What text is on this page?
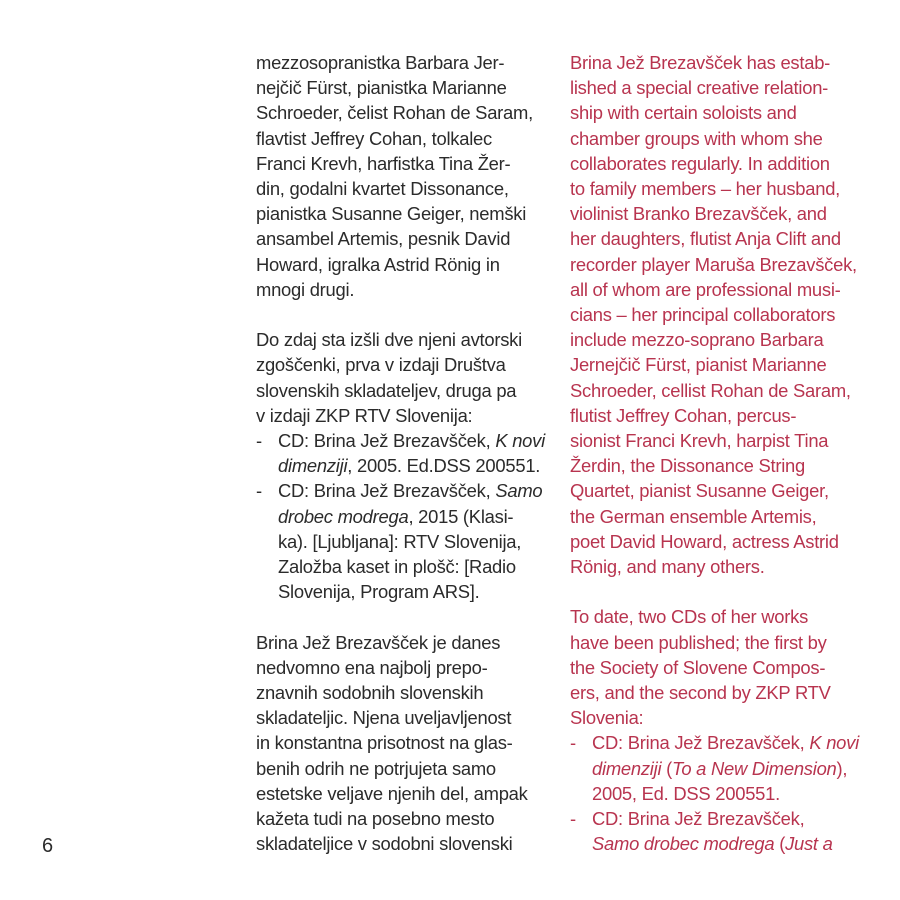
mezzosopranistka Barbara Jer-
nejčič Fürst, pianistka Marianne
Schroeder, čelist Rohan de Saram,
flavtist Jeffrey Cohan, tolkalec
Franci Krevh, harfistka Tina Žer-
din, godalni kvartet Dissonance,
pianistka Susanne Geiger, nemški
ansambel Artemis, pesnik David
Howard, igralka Astrid Rönig in
mnogi drugi.
Do zdaj sta izšli dve njeni avtorski
zgoščenki, prva v izdaji Društva
slovenskih skladateljev, druga pa
v izdaji ZKP RTV Slovenija:
- CD: Brina Jež Brezavšček, K novi
dimenziji, 2005. Ed.DSS 200551.
- CD: Brina Jež Brezavšček, Samo
drobec modrega, 2015 (Klasi-
ka). [Ljubljana]: RTV Slovenija,
Založba kaset in plošč: [Radio
Slovenija, Program ARS].
Brina Jež Brezavšček je danes
nedvomno ena najbolj prepo-
znavnih sodobnih slovenskih
skladateljic. Njena uveljavljenost
in konstantna prisotnost na glas-
benih odrih ne potrjujeta samo
estetske veljave njenih del, ampak
kažeta tudi na posebno mesto
skladateljice v sodobni slovenski
Brina Jež Brezavšček has estab-
lished a special creative relation-
ship with certain soloists and
chamber groups with whom she
collaborates regularly. In addition
to family members – her husband,
violinist Branko Brezavšček, and
her daughters, flutist Anja Clift and
recorder player Maruša Brezavšček,
all of whom are professional musi-
cians – her principal collaborators
include mezzo-soprano Barbara
Jernejčič Fürst, pianist Marianne
Schroeder, cellist Rohan de Saram,
flutist Jeffrey Cohan, percus-
sionist Franci Krevh, harpist Tina
Žerdin, the Dissonance String
Quartet, pianist Susanne Geiger,
the German ensemble Artemis,
poet David Howard, actress Astrid
Rönig, and many others.
To date, two CDs of her works
have been published; the first by
the Society of Slovene Compos-
ers, and the second by ZKP RTV
Slovenia:
- CD: Brina Jež Brezavšček, K novi
dimenziji (To a New Dimension),
2005, Ed. DSS 200551.
- CD: Brina Jež Brezavšček,
Samo drobec modrega (Just a
6
